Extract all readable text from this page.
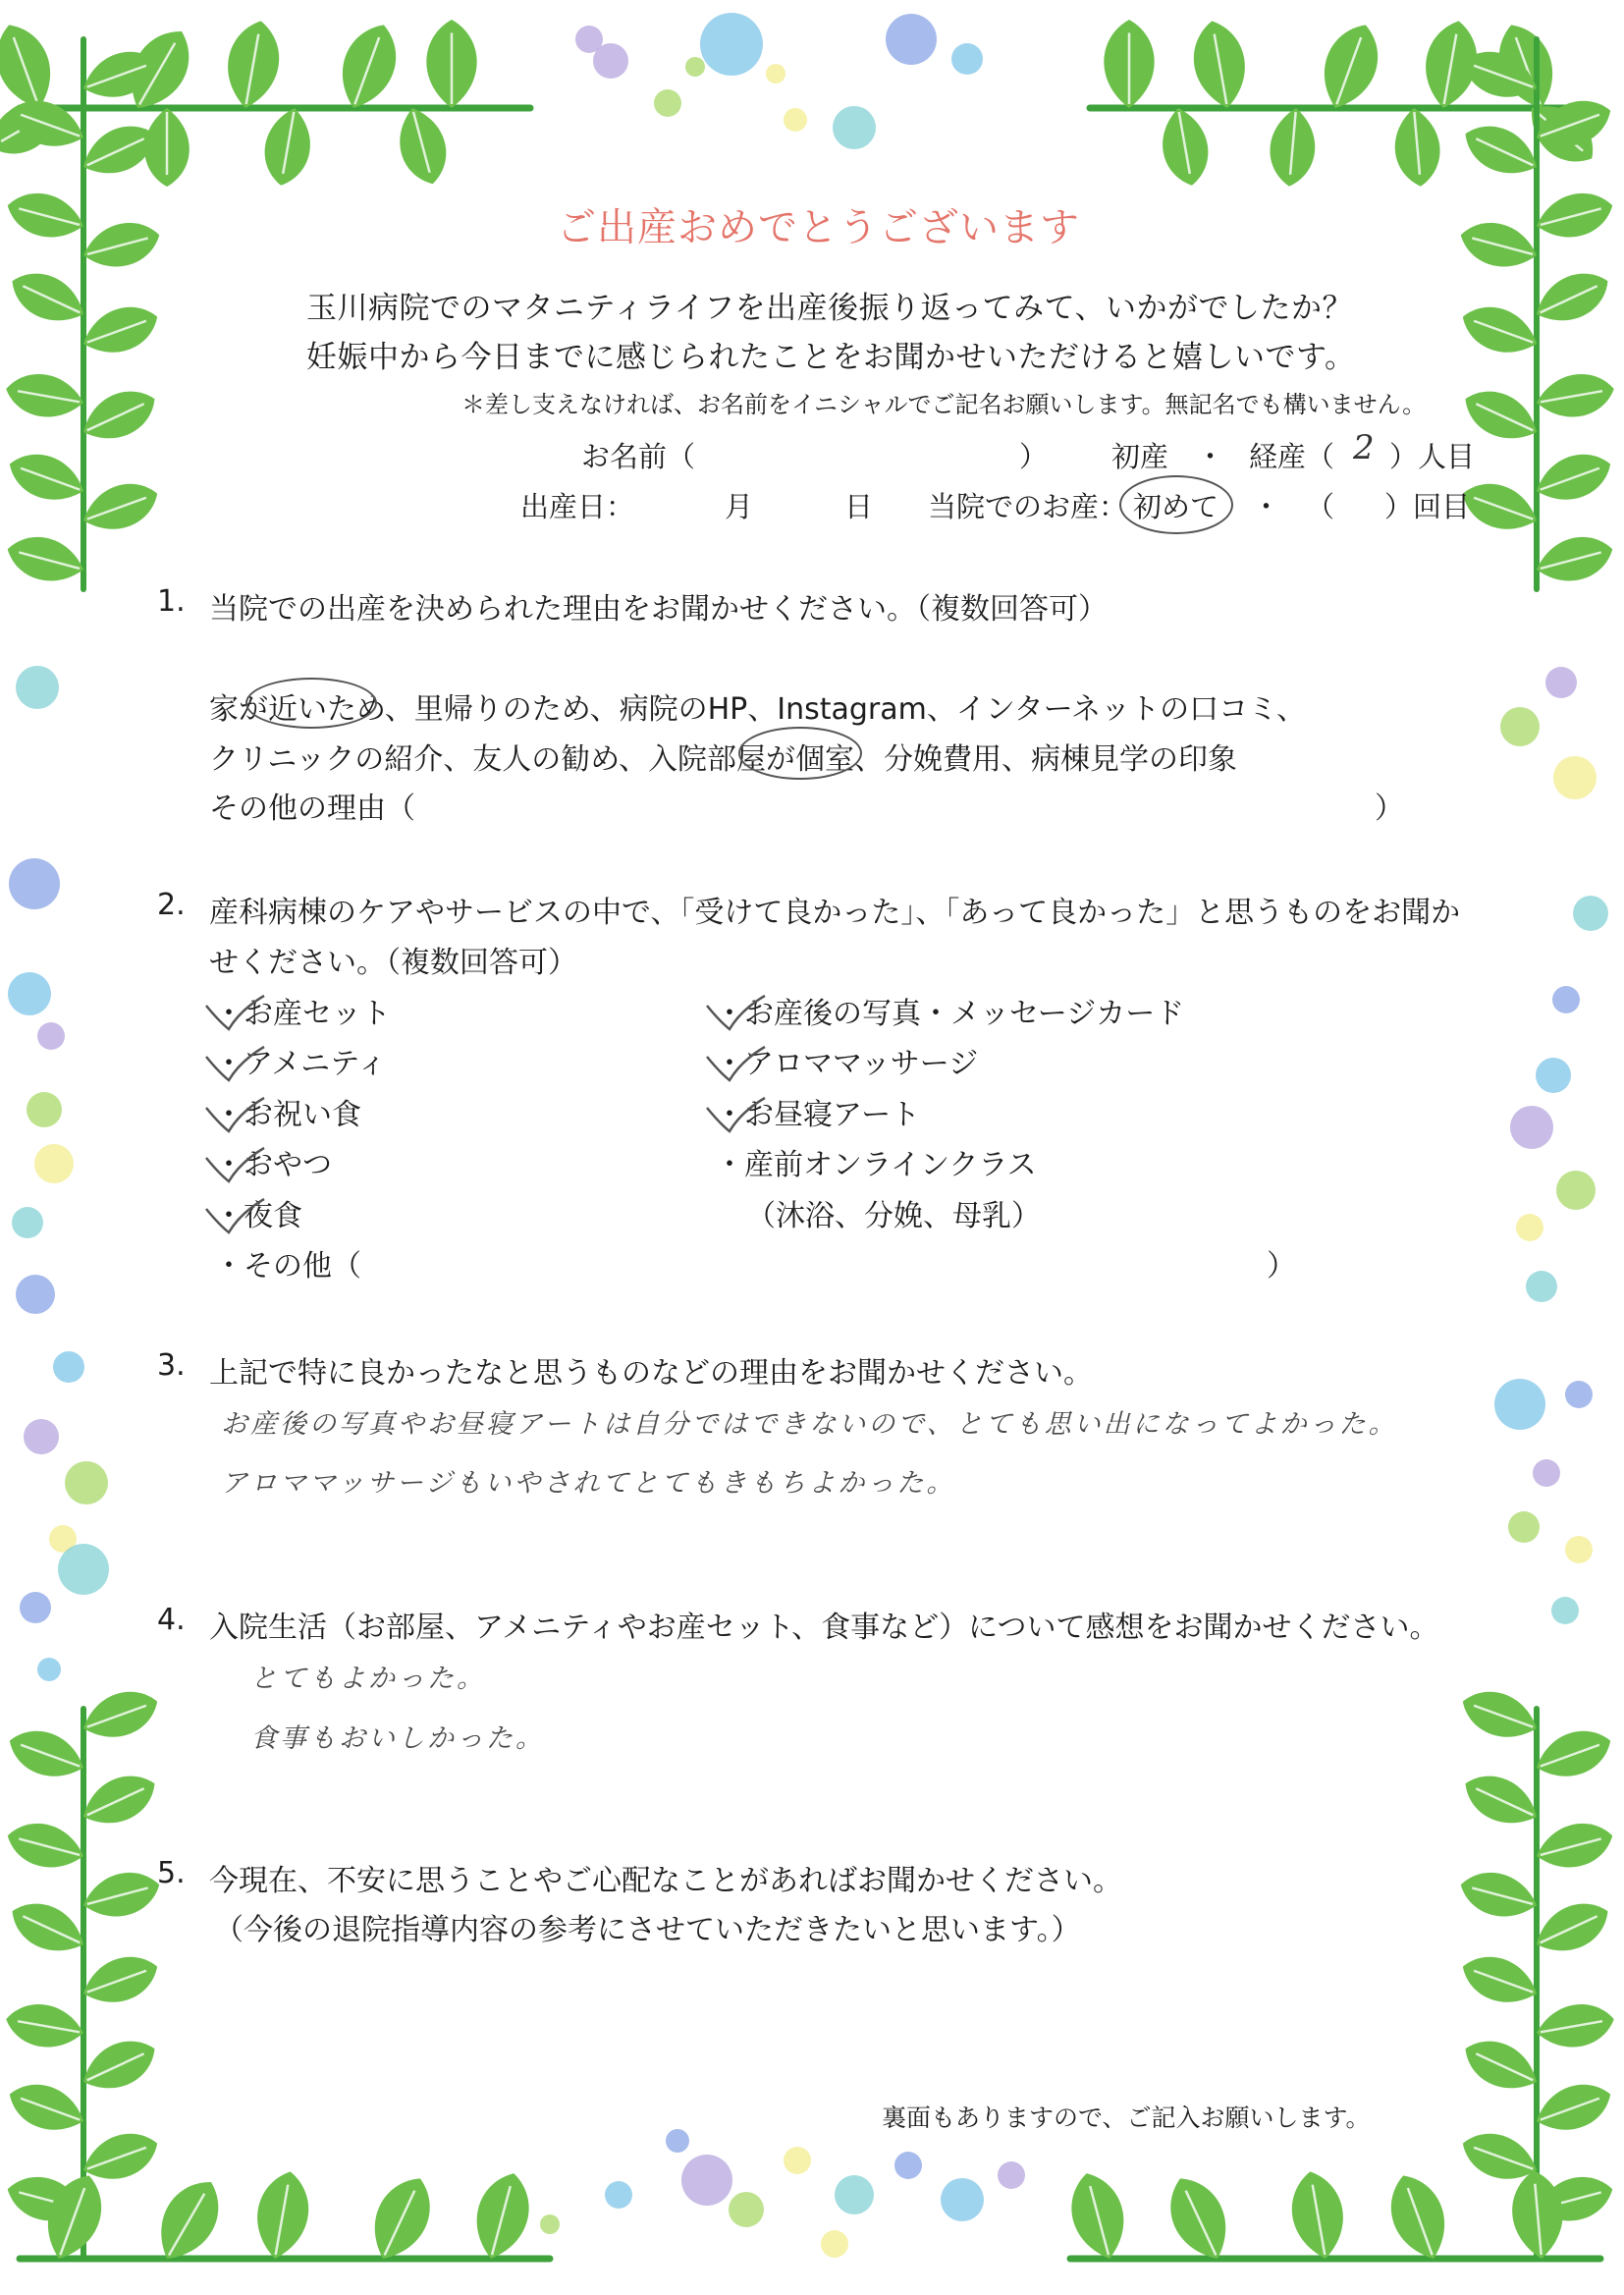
ご出産おめでとうございます
玉川病院でのマタニティライフを出産後振り返ってみて、いかがでしたか？
妊娠中から今日までに感じられたことをお聞かせいただけると嬉しいです。
＊差し支えなければ、お名前をイニシャルでご記名お願いします。無記名でも構いません。
お名前（	） 初産 ・ 経産（ 2 ）人目
出産日：	月	日 当院でのお産： 初めて ・ （ ）回目
1. 当院での出産を決められた理由をお聞かせください。（複数回答可）
家が近いため、里帰りのため、病院のHP、Instagram、インターネットの口コミ、
クリニックの紹介、友人の勧め、入院部屋が個室、分娩費用、病棟見学の印象
その他の理由（	）
2. 産科病棟のケアやサービスの中で、「受けて良かった」、「あって良かった」と思うものをお聞か
せください。（複数回答可）
・お産セット
・アメニティ
・お祝い食
・おやつ
・夜食
・その他（	）
・お産後の写真・メッセージカード
・アロママッサージ
・お昼寝アート
・産前オンラインクラス
（沐浴、分娩、母乳）
3. 上記で特に良かったなと思うものなどの理由をお聞かせください。
お産後の写真やお昼寝アートは自分ではできないので、とても思い出になってよかった。
アロママッサージもいやされてとてもきもちよかった。
4. 入院生活（お部屋、アメニティやお産セット、食事など）について感想をお聞かせください。
とてもよかった。
食事もおいしかった。
5. 今現在、不安に思うことやご心配なことがあればお聞かせください。
（今後の退院指導内容の参考にさせていただきたいと思います。）
裏面もありますので、ご記入お願いします。
